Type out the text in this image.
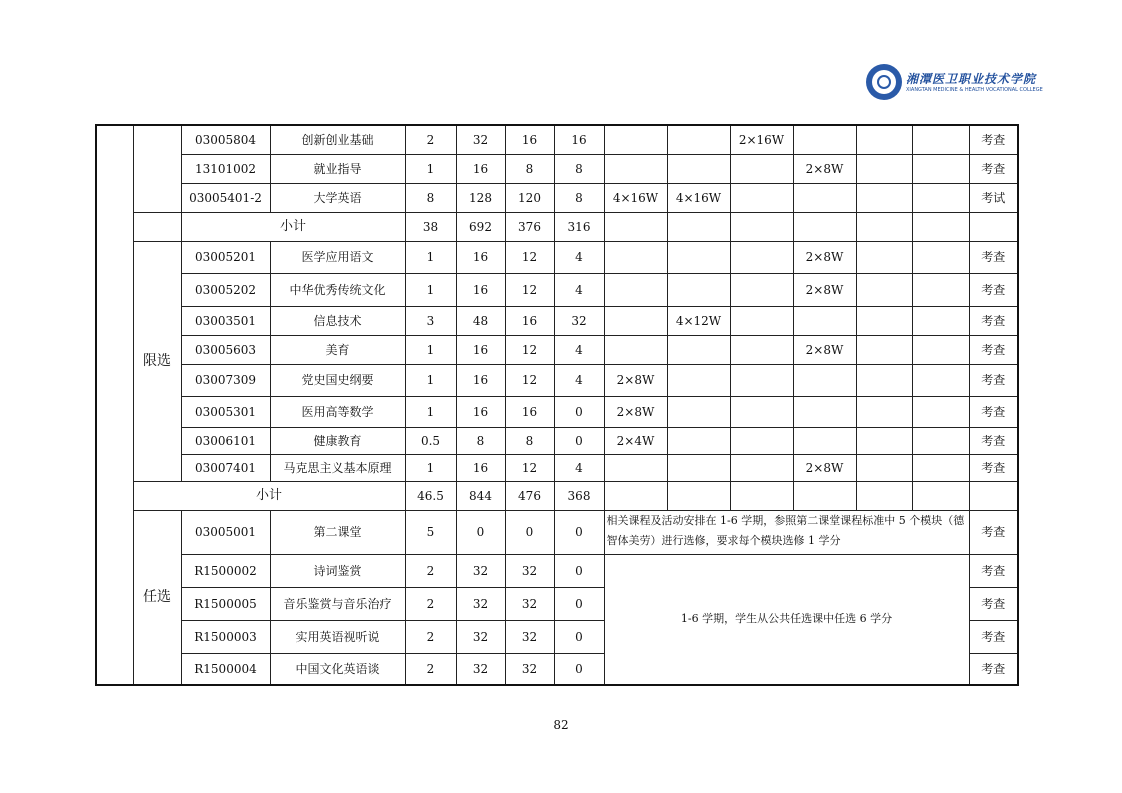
湘潭医卫职业技术学院
XIANGTAN MEDICINE & HEALTH VOCATIONAL COLLEGE
		03005804	创新创业基础	2	32	16	16			2×16W				考查
		13101002	就业指导	1	16	8	8				2×8W			考查
		03005401-2	大学英语	8	128	120	8	4×16W	4×16W					考试
		小计		38	692	376	316							
	限选	03005201	医学应用语文	1	16	12	4				2×8W			考查
		03005202	中华优秀传统文化	1	16	12	4				2×8W			考查
		03003501	信息技术	3	48	16	32		4×12W					考查
		03005603	美育	1	16	12	4				2×8W			考查
		03007309	党史国史纲要	1	16	12	4	2×8W						考查
		03005301	医用高等数学	1	16	16	0	2×8W						考查
		03006101	健康教育	0.5	8	8	0	2×4W						考查
		03007401	马克思主义基本原理	1	16	12	4				2×8W			考查
	小计			46.5	844	476	368							
	任选	03005001	第二课堂	5	0	0	0	相关课程及活动安排在 1-6 学期，参照第二课堂课程标准中 5 个模块（德智体美劳）进行选修，要求每个模块选修 1 学分						考查
		R1500002	诗词鉴赏	2	32	32	0	1-6 学期，学生从公共任选课中任选 6 学分						考查
		R1500005	音乐鉴赏与音乐治疗	2	32	32	0							考查
		R1500003	实用英语视听说	2	32	32	0							考查
		R1500004	中国文化英语谈	2	32	32	0							考查
82
